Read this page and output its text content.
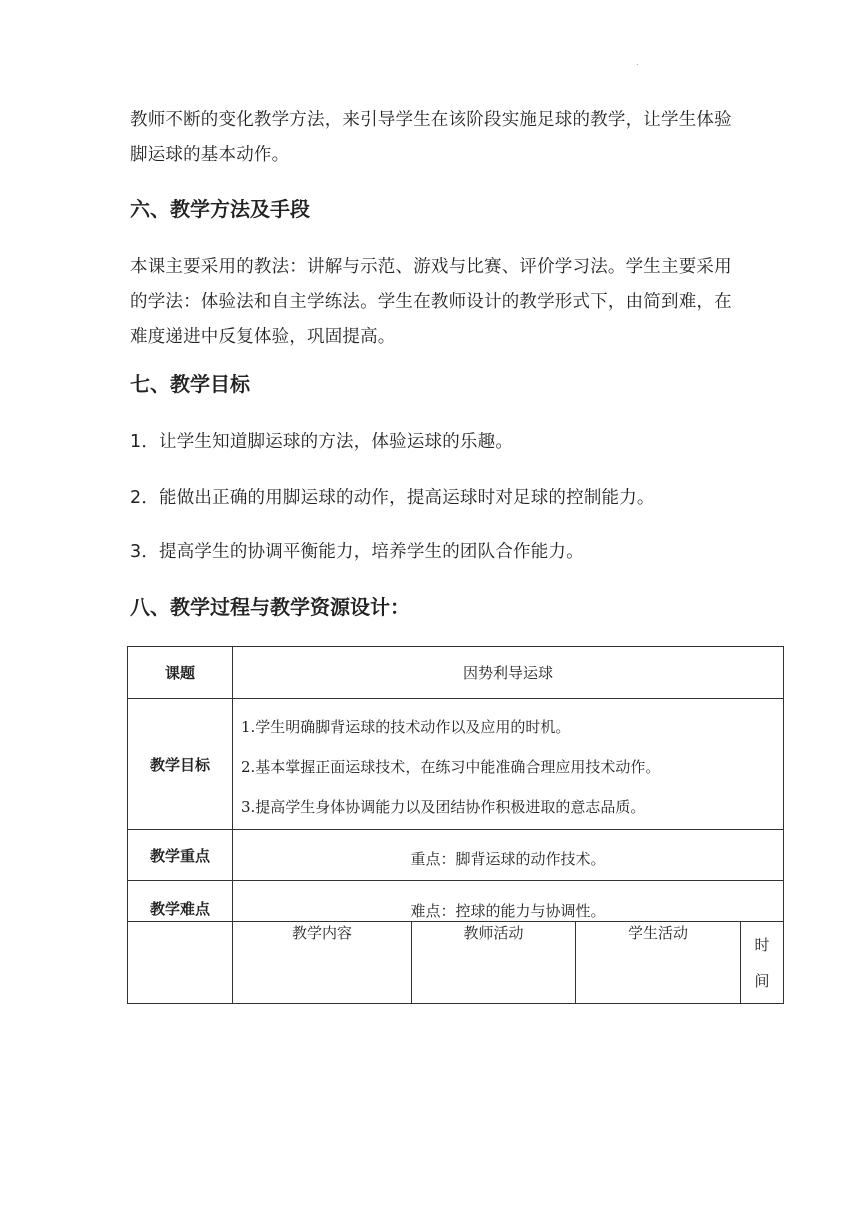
.

教师不断的变化教学方法，来引导学生在该阶段实施足球的教学，让学生体验脚运球的基本动作。

六、教学方法及手段

本课主要采用的教法：讲解与示范、游戏与比赛、评价学习法。学生主要采用的学法：体验法和自主学练法。学生在教师设计的教学形式下，由简到难，在难度递进中反复体验，巩固提高。

七、教学目标

1．让学生知道脚运球的方法，体验运球的乐趣。

2．能做出正确的用脚运球的动作，提高运球时对足球的控制能力。

3．提高学生的协调平衡能力，培养学生的团队合作能力。

八、教学过程与教学资源设计：
课题	因势利导运球			
教学目标	1.学生明确脚背运球的技术动作以及应用的时机。
2.基本掌握正面运球技术，在练习中能准确合理应用技术动作。
3.提高学生身体协调能力以及团结协作积极进取的意志品质。			

教学重点	重点：脚背运球的动作技术。			
教学难点	难点：控球的能力与协调性。			
	教学内容	教师活动	学生活动	时
间
